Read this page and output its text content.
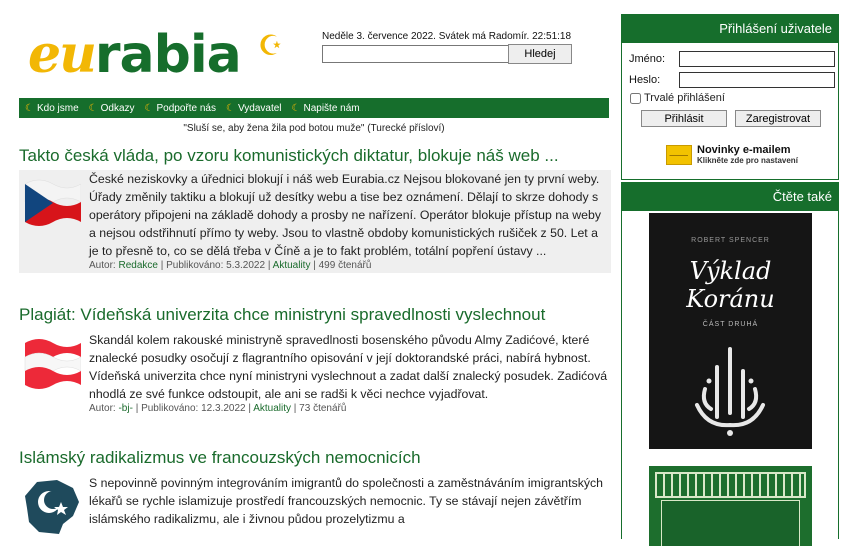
eurabia ☪	Neděle 3. července 2022. Svátek má Radomír. 22:51:18
Hledej
☾ Kdo jsme ☾ Odkazy ☾ Podpořte nás ☾ Vydavatel ☾ Napište nám
"Sluší se, aby žena žila pod botou muže" (Turecké přísloví)
Takto česká vláda, po vzoru komunistických diktatur, blokuje náš web ...
České neziskovky a úřednici blokují i náš web Eurabia.cz Nejsou blokované jen ty první weby. Úřady změnily taktiku a blokují už desítky webu a tise bez oznámení. Dělají to skrze dohody s operátory připojeni na základě dohody a prosby ne nařízení. Operátor blokuje přístup na weby a nejsou odstřihnutí přímo ty weby. Jsou to vlastně obdoby komunistických rušiček z 50. Let a je to přesně to, co se dělá třeba v Číně a je to fakt problém, totální popření ústavy ...
Autor: Redakce | Publikováno: 5.3.2022 | Aktuality | 499 čtenářů
Plagiát: Vídeňská univerzita chce ministryni spravedlnosti vyslechnout
Skandál kolem rakouské ministryně spravedlnosti bosenského původu Almy Zadićové, které znalecké posudky osočují z flagrantního opisování v její doktorandské práci, nabírá hybnost. Vídeňská univerzita chce nyní ministryni vyslechnout a zadat další znalecký posudek. Zadićová nhodlá ze své funkce odstoupit, ale ani se radši k věci nechce vyjadřovat.
Autor: -bj- | Publikováno: 12.3.2022 | Aktuality | 73 čtenářů
Islámský radikalizmus ve francouzských nemocnicích
S nepovinně povinným integrováním imigrantů do společnosti a zaměstnáváním imigrantských lékařů se rychle islamizuje prostředí francouzských nemocnic. Ty se stávají nejen závětřím islámského radikalizmu, ale i živnou půdou prozelytizmu a
Přihlášení uživatele
Jméno:
Heslo:
Trvalé přihlášení
Přihlásit	Zaregistrovat
Novinky e-mailem
Klikněte zde pro nastavení
Čtěte také
ROBERT SPENCER
Výklad
Koránu
ČÁST DRUHÁ
